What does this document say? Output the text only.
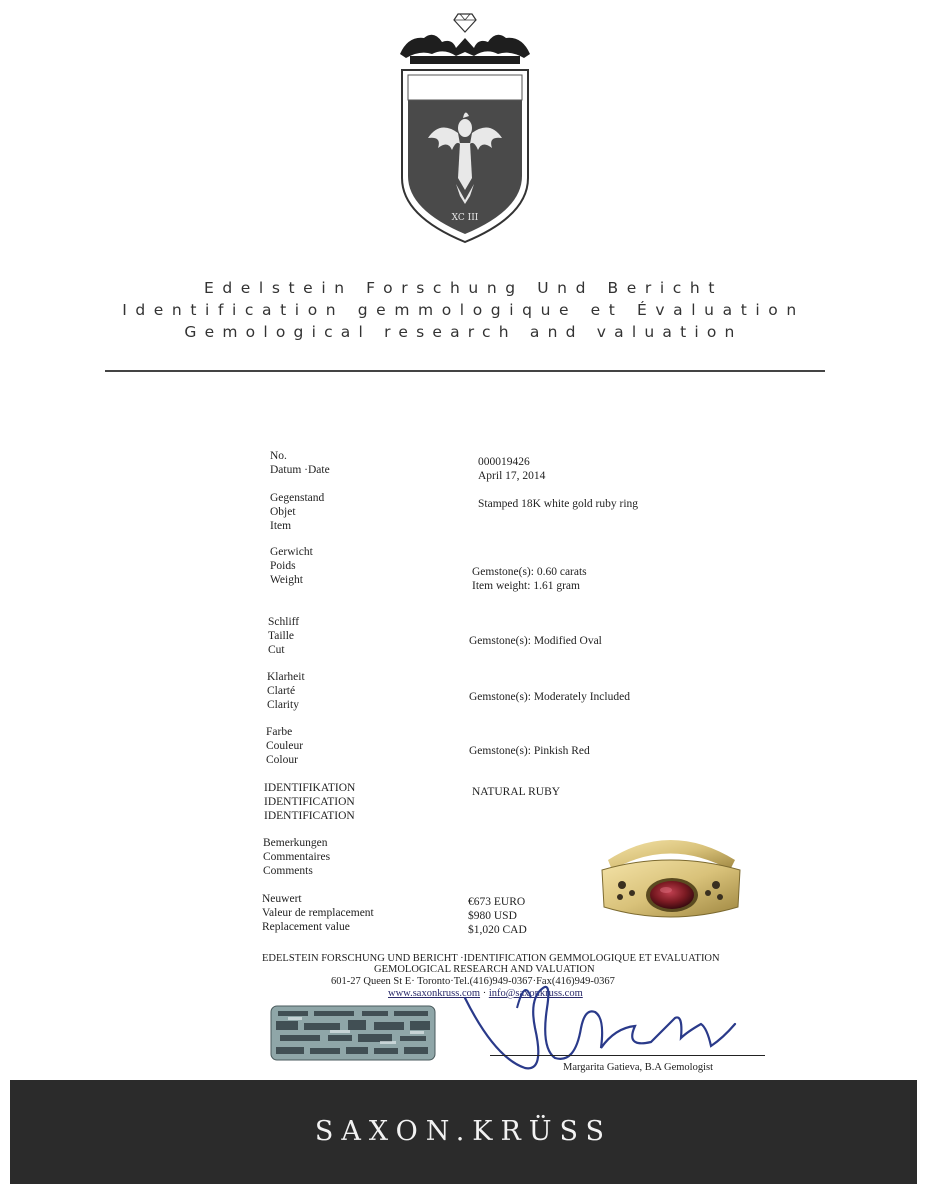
XC III
Edelstein Forschung Und Bericht
Identification gemmologique et Évaluation
Gemological research and valuation
No.
Datum ·Date
000019426
April 17, 2014
Gegenstand
Objet
Item
Stamped 18K white gold ruby ring
Gerwicht
Poids
Weight
Gemstone(s): 0.60 carats
Item weight: 1.61 gram
Schliff
Taille
Cut
Gemstone(s): Modified Oval
Klarheit
Clarté
Clarity
Gemstone(s): Moderately Included
Farbe
Couleur
Colour
Gemstone(s): Pinkish Red
IDENTIFIKATION
IDENTIFICATION
IDENTIFICATION
NATURAL RUBY
Bemerkungen
Commentaires
Comments
Neuwert
Valeur de remplacement
Replacement value
€673 EURO
$980 USD
$1,020 CAD
EDELSTEIN FORSCHUNG UND BERICHT ·IDENTIFICATION GEMMOLOGIQUE ET EVALUATION
GEMOLOGICAL RESEARCH AND VALUATION
601-27 Queen St E· Toronto·Tel.(416)949-0367·Fax(416)949-0367
www.saxonkruss.com · info@saxonkruss.com
Margarita Gatieva, B.A Gemologist
SAXON.KRÜSS
